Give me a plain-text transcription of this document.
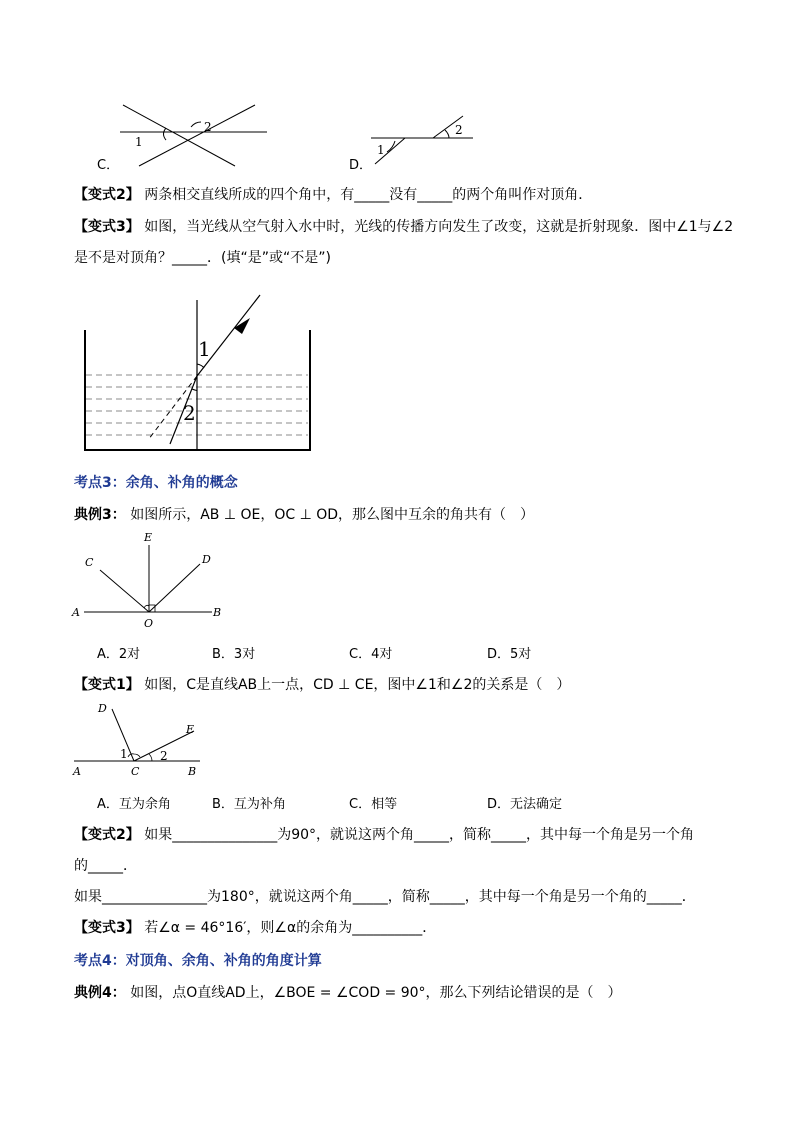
1
2
C．
1
2
D．
【变式2】 两条相交直线所成的四个角中，有_____没有_____的两个角叫作对顶角．
【变式3】 如图，当光线从空气射入水中时，光线的传播方向发生了改变，这就是折射现象．图中∠1与∠2
是不是对顶角？_____．(填“是”或“不是”)
1
2
考点3：余角、补角的概念
典例3： 如图所示，AB ⊥ OE，OC ⊥ OD，那么图中互余的角共有（　）
E
C	D
A
O
B
A．2对	B．3对	C．4对	D．5对
【变式1】 如图，C是直线AB上一点，CD ⊥ CE，图中∠1和∠2的关系是（　）
D
E
1	2
A	C	B
A．互为余角	B．互为补角	C．相等	D．无法确定
【变式2】 如果_______________为90°，就说这两个角_____，简称_____，其中每一个角是另一个角
的_____．
如果_______________为180°，就说这两个角_____，简称_____，其中每一个角是另一个角的_____．
【变式3】 若∠α = 46°16′，则∠α的余角为__________．
考点4：对顶角、余角、补角的角度计算
典例4： 如图，点O直线AD上，∠BOE = ∠COD = 90°，那么下列结论错误的是（　）
